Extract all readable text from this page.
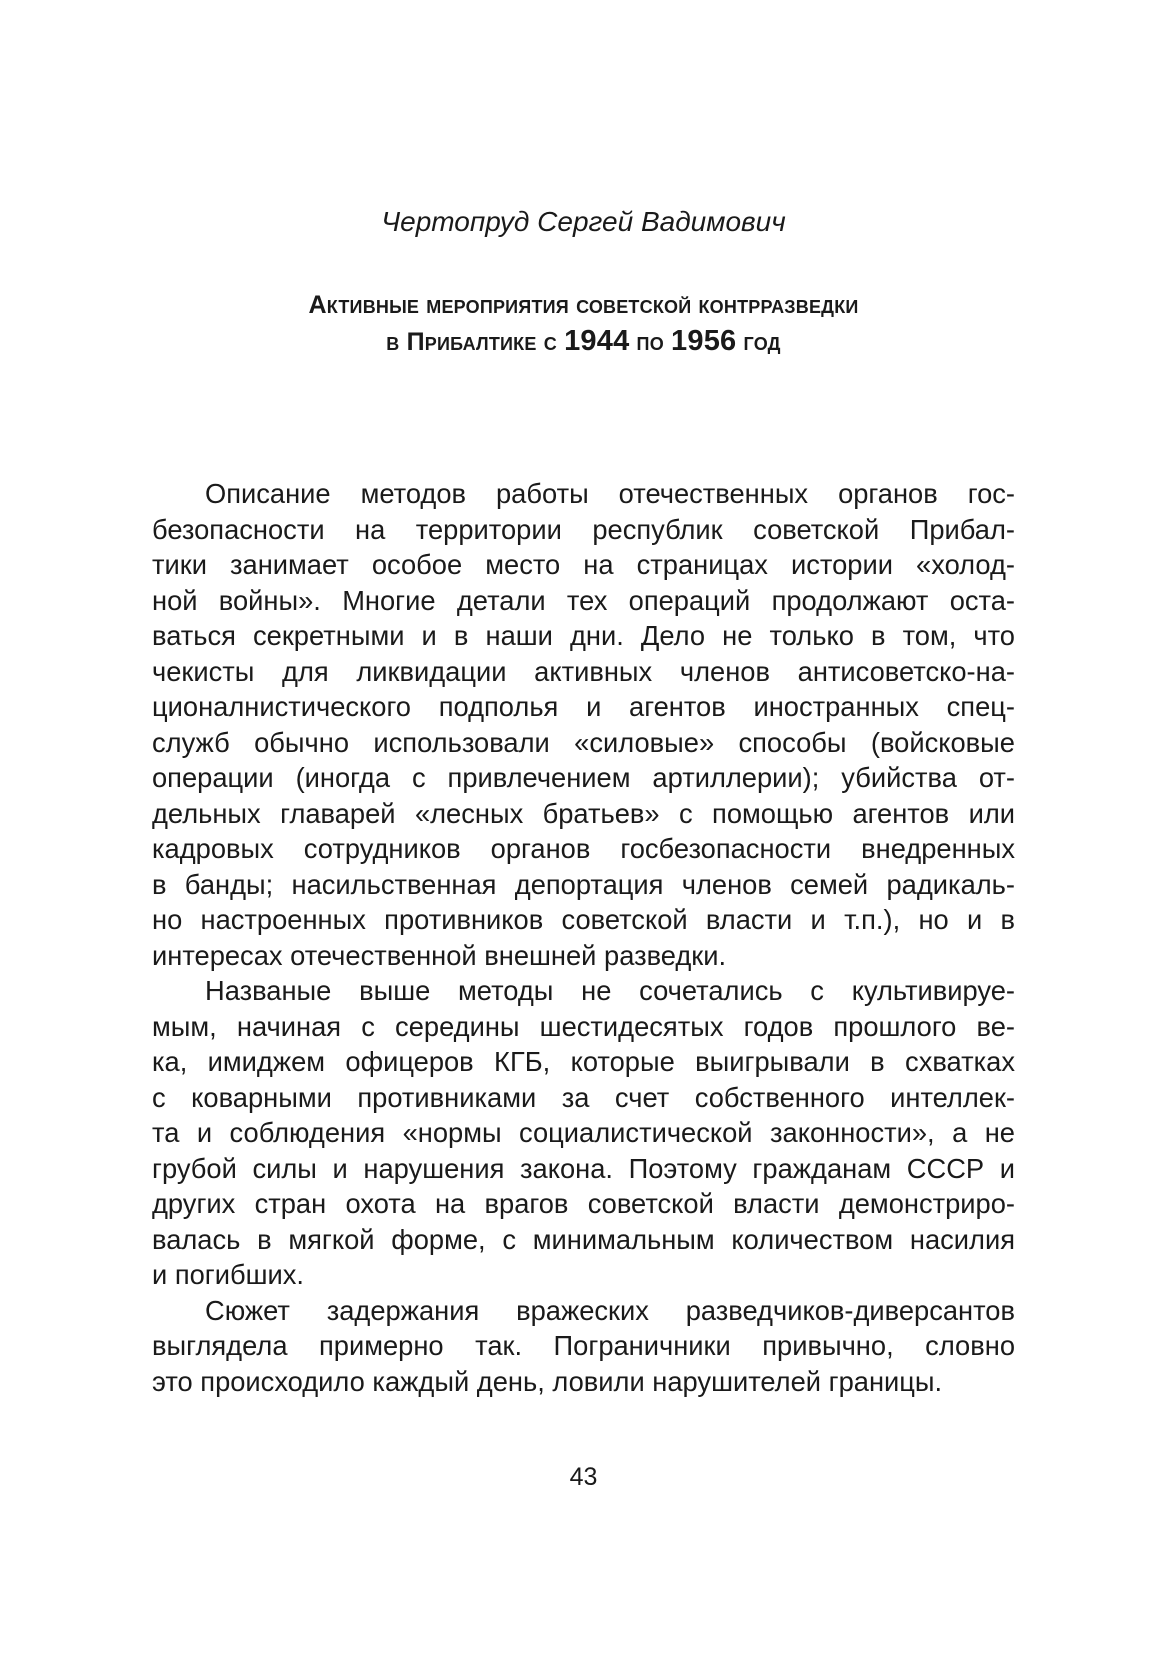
Чертопруд Сергей Вадимович
Активные мероприятия советской контрразведки
в Прибалтике с 1944 по 1956 год
Описание методов работы отечественных органов гос-
безопасности на территории республик советской Прибал-
тики занимает особое место на страницах истории «холод-
ной войны». Многие детали тех операций продолжают оста-
ваться секретными и в наши дни. Дело не только в том, что
чекисты для ликвидации активных членов антисоветско-на-
ционалнистического подполья и агентов иностранных спец-
служб обычно использовали «силовые» способы (войсковые
операции (иногда с привлечением артиллерии); убийства от-
дельных главарей «лесных братьев» с помощью агентов или
кадровых сотрудников органов госбезопасности внедренных
в банды; насильственная депортация членов семей радикаль-
но настроенных противников советской власти и т.п.), но и в
интересах отечественной внешней разведки.
Названые выше методы не сочетались с культивируе-
мым, начиная с середины шестидесятых годов прошлого ве-
ка, имиджем офицеров КГБ, которые выигрывали в схватках
с коварными противниками за счет собственного интеллек-
та и соблюдения «нормы социалистической законности», а не
грубой силы и нарушения закона. Поэтому гражданам СССР и
других стран охота на врагов советской власти демонстриро-
валась в мягкой форме, с минимальным количеством насилия
и погибших.
Сюжет задержания вражеских разведчиков-диверсантов
выглядела примерно так. Пограничники привычно, словно
это происходило каждый день, ловили нарушителей границы.
43
